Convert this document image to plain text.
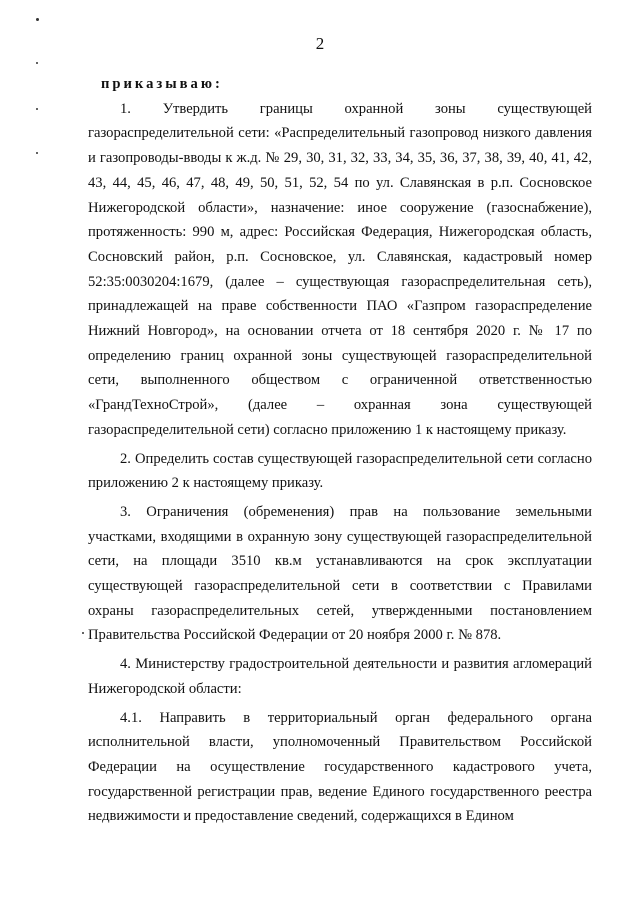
2
приказываю:

1. Утвердить границы охранной зоны существующей газораспределительной сети: «Распределительный газопровод низкого давления и газопроводы-вводы к ж.д. № 29, 30, 31, 32, 33, 34, 35, 36, 37, 38, 39, 40, 41, 42, 43, 44, 45, 46, 47, 48, 49, 50, 51, 52, 54 по ул. Славянская в р.п. Сосновское Нижегородской области», назначение: иное сооружение (газоснабжение), протяженность: 990 м, адрес: Российская Федерация, Нижегородская область, Сосновский район, р.п. Сосновское, ул. Славянская, кадастровый номер 52:35:0030204:1679, (далее – существующая газораспределительная сеть), принадлежащей на праве собственности ПАО «Газпром газораспределение Нижний Новгород», на основании отчета от 18 сентября 2020 г. № 17 по определению границ охранной зоны существующей газораспределительной сети, выполненного обществом с ограниченной ответственностью «ГрандТехноСтрой», (далее – охранная зона существующей газораспределительной сети) согласно приложению 1 к настоящему приказу.

2. Определить состав существующей газораспределительной сети согласно приложению 2 к настоящему приказу.

3. Ограничения (обременения) прав на пользование земельными участками, входящими в охранную зону существующей газораспределительной сети, на площади 3510 кв.м устанавливаются на срок эксплуатации существующей газораспределительной сети в соответствии с Правилами охраны газораспределительных сетей, утвержденными постановлением Правительства Российской Федерации от 20 ноября 2000 г. № 878.

4. Министерству градостроительной деятельности и развития агломераций Нижегородской области:

4.1. Направить в территориальный орган федерального органа исполнительной власти, уполномоченный Правительством Российской Федерации на осуществление государственного кадастрового учета, государственной регистрации прав, ведение Единого государственного реестра недвижимости и предоставление сведений, содержащихся в Едином
